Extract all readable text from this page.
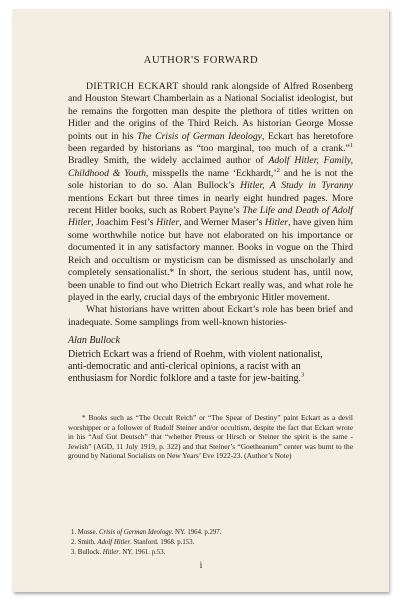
AUTHOR'S FORWARD

DIETRICH ECKART should rank alongside of Alfred Rosenberg and Houston Stewart Chamberlain as a National Socialist ideologist, but he remains the forgotten man despite the plethora of titles written on Hitler and the origins of the Third Reich. As historian George Mosse points out in his The Crisis of German Ideology, Eckart has heretofore been regarded by historians as “too marginal, too much of a crank.”$^1$ Bradley Smith, the widely acclaimed author of Adolf Hitler, Family, Childhood & Youth, misspells the name ‘Eckhardt,’$^2$ and he is not the sole historian to do so. Alan Bullock’s Hitler, A Study in Tyranny mentions Eckart but three times in nearly eight hundred pages. More recent Hitler books, such as Robert Payne’s The Life and Death of Adolf Hitler, Joachim Fest’s Hitler, and Werner Maser’s Hitler, have given him some worthwhile notice but have not elaborated on his importance or documented it in any satisfactory manner. Books in vogue on the Third Reich and occultism or mysticism can be dismissed as unscholarly and completely sensationalist.* In short, the serious student has, until now, been unable to find out who Dietrich Eckart really was, and what role he played in the early, crucial days of the embryonic Hitler movement.

What historians have written about Eckart’s role has been brief and inadequate. Some samplings from well-known histories-

Alan Bullock
Dietrich Eckart was a friend of Roehm, with violent nationalist, anti-democratic and anti-clerical opinions, a racist with an enthusiasm for Nordic folklore and a taste for jew-baiting.$^3$

* Books such as “The Occult Reich” or “The Spear of Destiny” paint Eckart as a devil worshipper or a follower of Rudolf Steiner and/or occultism, despite the fact that Eckart wrote in his “Auf Gut Deutsch” that “whether Preuss or Hirsch or Steiner the spirit is the same - Jewish” (AGD, 11 July 1919, p. 322) and that Steiner’s “Goetheanum” center was burnt to the ground by National Socialists on New Years’ Eve 1922-23. (Author’s Note)

1. Mosse. Crisis of German Ideology. NY. 1964. p.297.
2. Smith. Adolf Hitler. Stanford. 1968. p.153.
3. Bullock. Hitler. NY. 1961. p.53.
i
